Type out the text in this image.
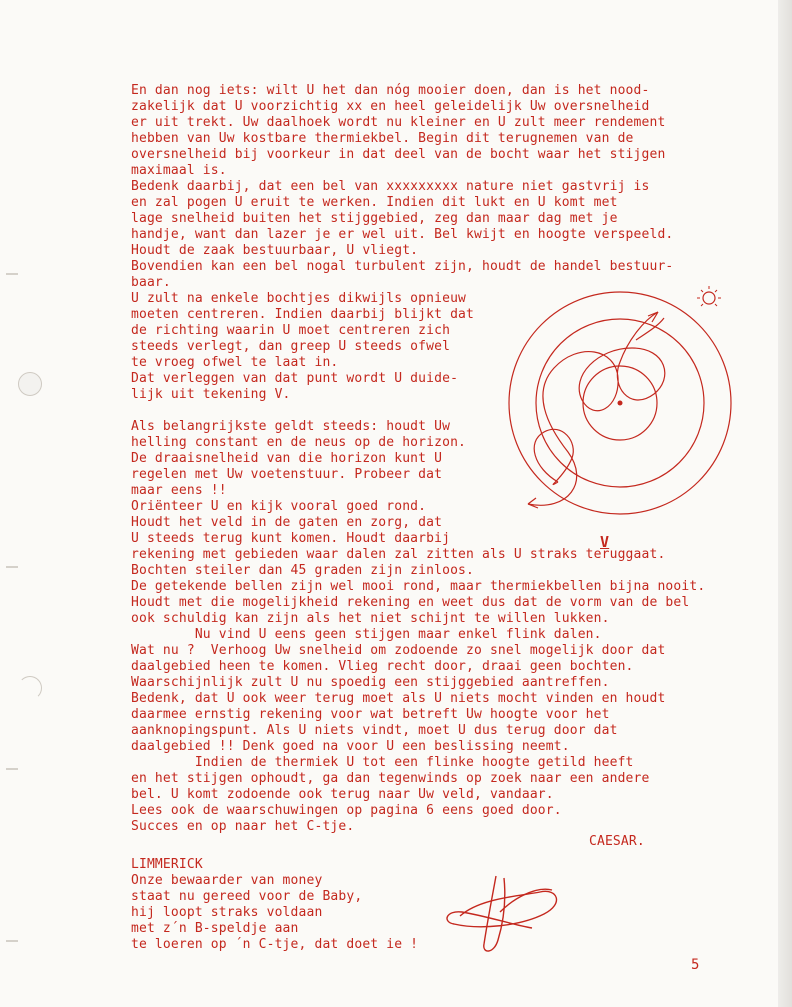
En dan nog iets: wilt U het dan nóg mooier doen, dan is het nood-
zakelijk dat U voorzichtig xx en heel geleidelijk Uw oversnelheid
er uit trekt. Uw daalhoek wordt nu kleiner en U zult meer rendement
hebben van Uw kostbare thermiekbel. Begin dit terugnemen van de
oversnelheid bij voorkeur in dat deel van de bocht waar het stijgen
maximaal is.
Bedenk daarbij, dat een bel van xxxxxxxxx nature niet gastvrij is
en zal pogen U eruit te werken. Indien dit lukt en U komt met
lage snelheid buiten het stijggebied, zeg dan maar dag met je
handje, want dan lazer je er wel uit. Bel kwijt en hoogte verspeeld.
Houdt de zaak bestuurbaar, U vliegt.
Bovendien kan een bel nogal turbulent zijn, houdt de handel bestuur-
baar.
U zult na enkele bochtjes dikwijls opnieuw
moeten centreren. Indien daarbij blijkt dat
de richting waarin U moet centreren zich
steeds verlegt, dan greep U steeds ofwel
te vroeg ofwel te laat in.
Dat verleggen van dat punt wordt U duide-
lijk uit tekening V.
Als belangrijkste geldt steeds: houdt Uw
helling constant en de neus op de horizon.
De draaisnelheid van die horizon kunt U
regelen met Uw voetenstuur. Probeer dat
maar eens !!
Oriënteer U en kijk vooral goed rond.
Houdt het veld in de gaten en zorg, dat
U steeds terug kunt komen. Houdt daarbij
rekening met gebieden waar dalen zal zitten als U straks teruggaat.
Bochten steiler dan 45 graden zijn zinloos.
De getekende bellen zijn wel mooi rond, maar thermiekbellen bijna nooit.
Houdt met die mogelijkheid rekening en weet dus dat de vorm van de bel
ook schuldig kan zijn als het niet schijnt te willen lukken.
Nu vind U eens geen stijgen maar enkel flink dalen.
Wat nu ?  Verhoog Uw snelheid om zodoende zo snel mogelijk door dat
daalgebied heen te komen. Vlieg recht door, draai geen bochten.
Waarschijnlijk zult U nu spoedig een stijggebied aantreffen.
Bedenk, dat U ook weer terug moet als U niets mocht vinden en houdt
daarmee ernstig rekening voor wat betreft Uw hoogte voor het
aanknopingspunt. Als U niets vindt, moet U dus terug door dat
daalgebied !! Denk goed na voor U een beslissing neemt.
Indien de thermiek U tot een flinke hoogte getild heeft
en het stijgen ophoudt, ga dan tegenwinds op zoek naar een andere
bel. U komt zodoende ook terug naar Uw veld, vandaar.
Lees ook de waarschuwingen op pagina 6 eens goed door.
Succes en op naar het C-tje.
CAESAR.
V
LIMMERICK
Onze bewaarder van money
staat nu gereed voor de Baby,
hij loopt straks voldaan
met z´n B-speldje aan
te loeren op ´n C-tje, dat doet ie !
5
